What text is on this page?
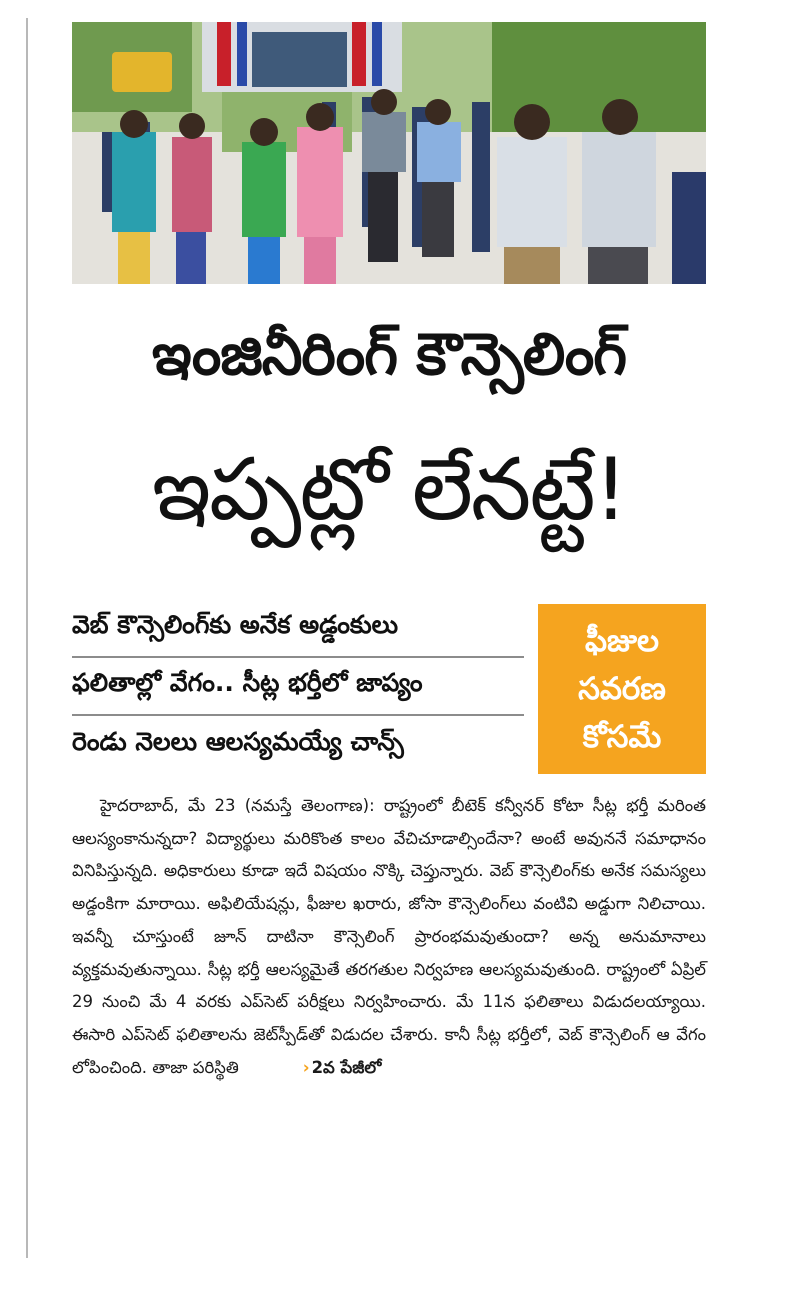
ఇంజినీరింగ్ కౌన్సెలింగ్
ఇప్పట్లో లేనట్టే!
వెబ్ కౌన్సెలింగ్‌కు అనేక అడ్డంకులు
ఫలితాల్లో వేగం.. సీట్ల భర్తీలో జాప్యం
రెండు నెలలు ఆలస్యమయ్యే చాన్స్
ఫీజుల
సవరణ
కోసమే

హైదరాబాద్, మే 23 (నమస్తే తెలంగాణ): రాష్ట్రంలో బీటెక్ కన్వీనర్ కోటా సీట్ల భర్తీ మరింత ఆలస్యంకానున్నదా? విద్యార్థులు మరికొంత కాలం వేచిచూడాల్సిందేనా? అంటే అవుననే సమాధానం వినిపిస్తున్నది. అధికారులు కూడా ఇదే విషయం నొక్కి చెప్తున్నారు. వెబ్ కౌన్సెలింగ్‌కు అనేక సమస్యలు అడ్డంకిగా మారాయి. అఫిలియేషన్లు, ఫీజుల ఖరారు, జోసా కౌన్సెలింగ్‌లు వంటివి అడ్డుగా నిలిచాయి. ఇవన్నీ చూస్తుంటే జూన్ దాటినా కౌన్సెలింగ్ ప్రారంభమవుతుందా? అన్న అనుమానాలు వ్యక్తమవుతున్నాయి. సీట్ల భర్తీ ఆలస్యమైతే తరగతుల నిర్వహణ ఆలస్యమవుతుంది. రాష్ట్రంలో ఏప్రిల్ 29 నుంచి మే 4 వరకు ఎప్‌సెట్ పరీక్షలు నిర్వహించారు. మే 11న ఫలితాలు విడుదలయ్యాయి. ఈసారి ఎప్‌సెట్ ఫలితాలను జెట్‌స్పీడ్‌తో విడుదల చేశారు. కానీ సీట్ల భర్తీలో, వెబ్ కౌన్సెలింగ్ ఆ వేగం లోపించింది. తాజా పరిస్థితి	› 2వ పేజీలో
